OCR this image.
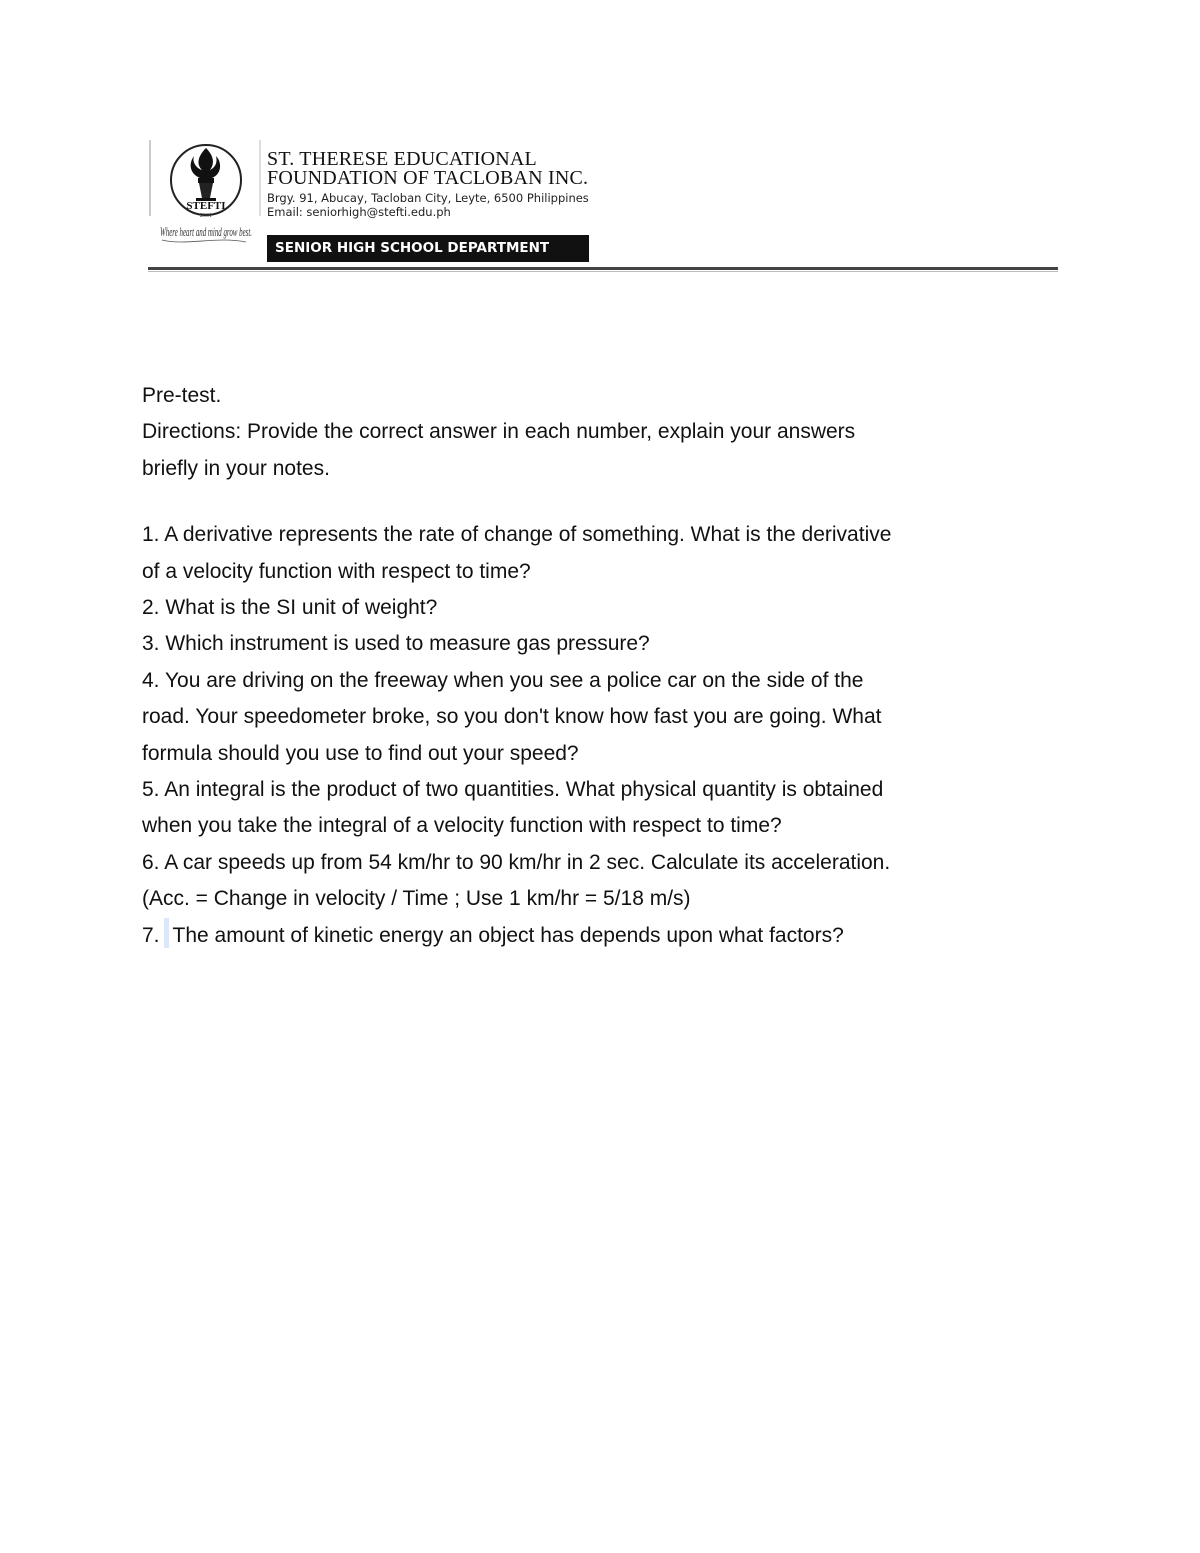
STEFTI
2001
Where heart and mind grow best.
ST. THERESE EDUCATIONAL
FOUNDATION OF TACLOBAN INC.
Brgy. 91, Abucay, Tacloban City, Leyte, 6500 Philippines
Email: seniorhigh@stefti.edu.ph
SENIOR HIGH SCHOOL DEPARTMENT

Pre-test.

Directions: Provide the correct answer in each number, explain your answers

briefly in your notes.

1. A derivative represents the rate of change of something. What is the derivative

of a velocity function with respect to time?

2. What is the SI unit of weight?

3. Which instrument is used to measure gas pressure?

4. You are driving on the freeway when you see a police car on the side of the

road. Your speedometer broke, so you don't know how fast you are going. What

formula should you use to find out your speed?

5. An integral is the product of two quantities. What physical quantity is obtained

when you take the integral of a velocity function with respect to time?

6. A car speeds up from 54 km/hr to 90 km/hr in 2 sec. Calculate its acceleration.

(Acc. = Change in velocity / Time ; Use 1 km/hr = 5/18 m/s)

7. The amount of kinetic energy an object has depends upon what factors?
